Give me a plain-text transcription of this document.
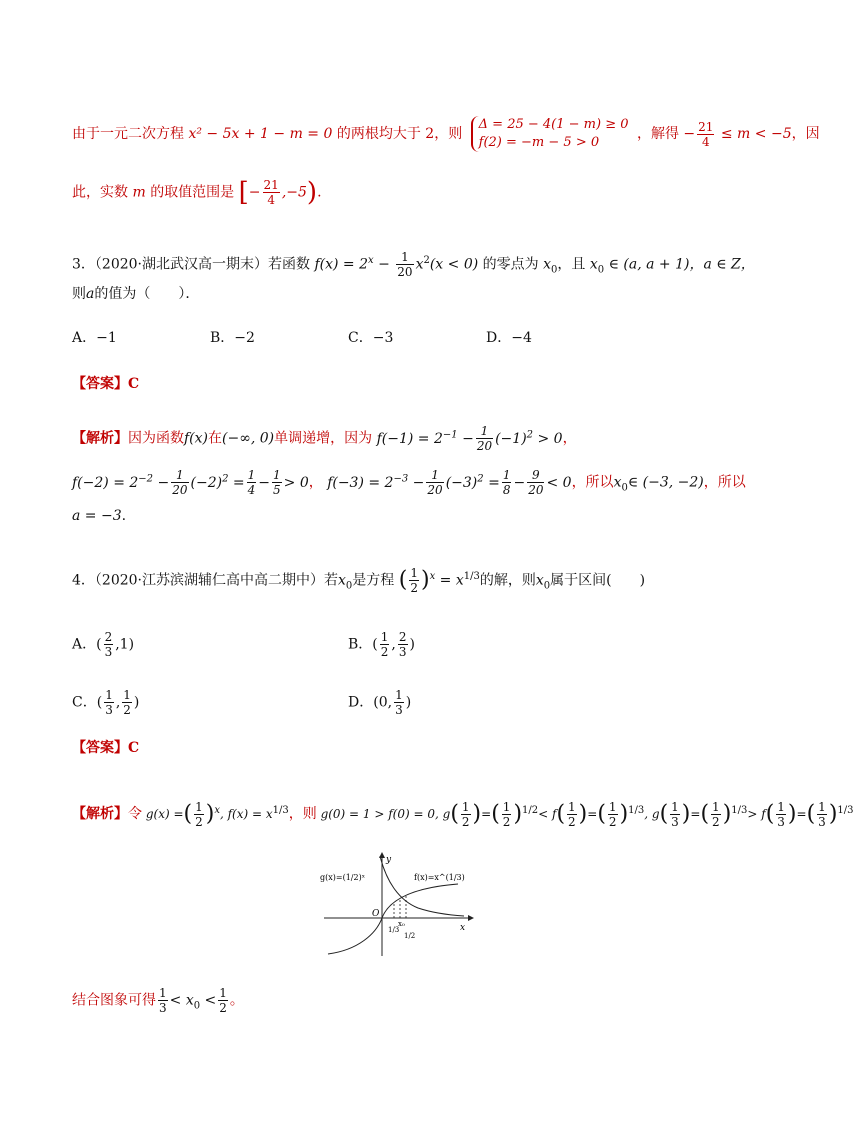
由于一元二次方程 x² − 5x + 1 − m = 0 的两根均大于 2，则
Δ = 25 − 4(1 − m) ≥ 0
f(2) = −m − 5 > 0
，解得 − $\frac{21}{4} \le m < -5$，因
此，实数 m 的取值范围是 [− $\frac{21}{4} ,-5$).
3．（2020·湖北武汉高一期末）若函数 $f(x) = 2^x - \frac{1}{20} x^2(x < 0)$ 的零点为 $x_0$，且 $x_0$ ∈ (a, a + 1)，a ∈ Z，
则a的值为（　　）．
A．−1	B．−2	C．−3	D．−4
【答案】C
【解析】因为函数f(x)在(−∞, 0)单调递增，因为 $f(-1) = 2^{-1} - \frac{1}{20} (-1)^2 > 0$，
$f(-2) = 2^{-2} - \frac{1}{20} (-2)^2 = \frac{1}{4} - \frac{1}{5} > 0$， $f(-3) = 2^{-3} - \frac{1}{20} (-3)^2 = \frac{1}{8} - \frac{9}{20} < 0$，所以$x_0\in$ (−3, −2)，所以
a = −3.
4．（2020·江苏滨湖辅仁高中高二期中）若$x_0$是方程 ( $\frac{1}{2} )^x = x^{1/3}$的解，则$x_0$属于区间(　　)
A．( $\frac{2}{3} ,1$)	B．( $\frac{1}{2}$ , $\frac{2}{3}$ )
C．( $\frac{1}{3}$ , $\frac{1}{2}$ )	D．(0, $\frac{1}{3}$ )
【答案】C
【解析】令 g(x) =( $\frac{1}{2} )^x$, $f(x) = x^{1/3}$，则 g(0) = 1 > f(0) = 0, $g( \frac{1}{2}$ )=( $\frac{1}{2} )^{1/2}< f( \frac{1}{2}$ )=( $\frac{1}{2} )^{1/3}$, $g( \frac{1}{3}$ )=( $\frac{1}{2} )^{1/3}> f( \frac{1}{3}$ )=( $\frac{1}{3} )^{1/3}$
y
x
O
g(x)=(1/2)ˣ	f(x)=x^(1/3)
1/3
x₀
1/2
结合图象可得 $\frac{1}{3} < x_0 < \frac{1}{2}$ 。
